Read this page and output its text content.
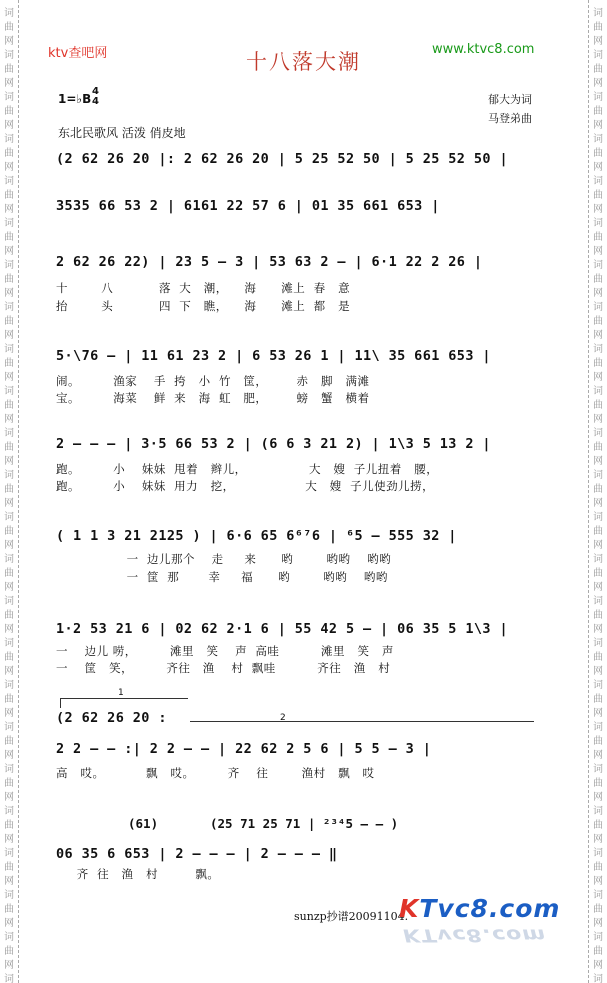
词
曲
网
词
曲
网
词
曲
网
词
曲
网
词
曲
网
词
曲
网
词
曲
网
词
曲
网
词
曲
网
词
曲
网
词
曲
网
词
曲
网
词
曲
网
词
曲
网
词
曲
网
词
曲
网
词
曲
网
词
曲
网
词
曲
网
词
曲
网
词
曲
网
词
曲
网
词
曲
网
词
词
曲
网
词
曲
网
词
曲
网
词
曲
网
词
曲
网
词
曲
网
词
曲
网
词
曲
网
词
曲
网
词
曲
网
词
曲
网
词
曲
网
词
曲
网
词
曲
网
词
曲
网
词
曲
网
词
曲
网
词
曲
网
词
曲
网
词
曲
网
词
曲
网
词
曲
网
词
曲
网
词
ktv查吧网	十八落大潮
www.ktvc8.com
1=♭B
4
4	郁大为词
马登弟曲
东北民歌风 活泼 俏皮地
(2 62 26 20 |: 2 62 26 20 | 5 25 52 50 | 5 25 52 50 |
3535 66 53 2 | 6161 22 57 6 | 01 35 661 653 |
2 62 26 22) | 23 5 – 3 | 53 63 2 – | 6·1 22 2 26 |
十        八           落  大   潮，    海      滩上  春   意
抬        头           四  下   瞧，    海      滩上  都   是
5·\76 – | 11 61 23 2 | 6 53 26 1 | 11\ 35 661 653 |
闹。        渔家    手  挎   小  竹   筐，       赤   脚   满滩
宝。        海菜    鲜  来   海  虹   肥，       螃   蟹   横着
2 – – – | 3·5 66 53 2 | (6 6 3 21 2) | 1\3 5 13 2 |
跑。        小    妹妹  甩着   辫儿，               大   嫂  子儿扭着   腰，
跑。        小    妹妹  用力   挖，                 大   嫂  子儿使劲儿捞，
( 1 1 3 21 2125 ) | 6·6 65 6⁶⁷6 | ⁶5 – 555 32 |
一  边儿那个    走     来      哟        哟哟    哟哟
一  筐  那       幸     福      哟        哟哟    哟哟
1·2 53 21 6 | 02 62 2·1 6 | 55 42 5 – | 06 35 5 1\3 |
一    边儿 唠，        滩里   笑    声  高哇          滩里   笑   声
一    筐   笑，        齐往   渔    村  飘哇          齐往   渔   村
1
2
(2 62 26 20 :
2 2 – – :| 2 2 – – | 22 62 2 5 6 | 5 5 – 3 |
高   哎。          飘   哎。        齐    往        渔村   飘   哎
(61)	(25 71 25 71 | ²³⁴5 – – )
06 35 6 653 | 2 – – – | 2 – – – ‖
齐  往   渔   村         飘。
sunzp抄谱20091104.
KTvc8.com
KTvc8.com
